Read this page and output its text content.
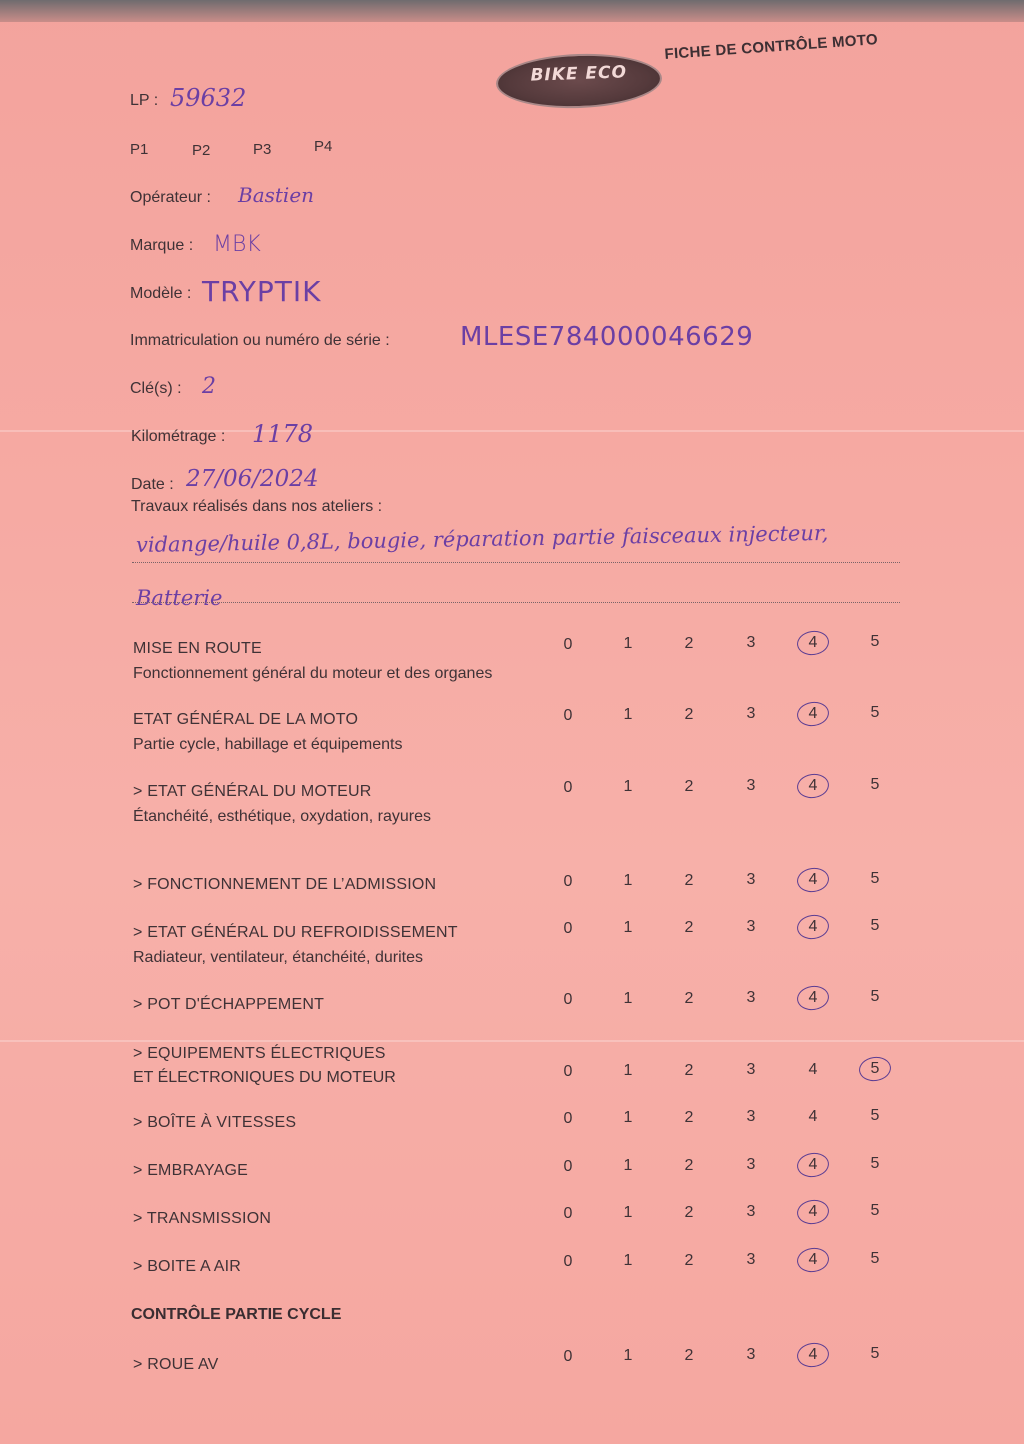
BIKE ECO
FICHE DE CONTRÔLE MOTO
LP : 59632
P1	P2	P3	P4
Opérateur : Bastien
Marque : MBK
Modèle : TRYPTIK
Immatriculation ou numéro de série :	MLESE784000046629
Clé(s) : 2
Kilométrage : 1178
Date : 27/06/2024
Travaux réalisés dans nos ateliers :
vidange/huile 0,8L, bougie, réparation partie faisceaux injecteur,
Batterie
MISE EN ROUTE
Fonctionnement général du moteur et des organes
0	1	2	3	4	5
ETAT GÉNÉRAL DE LA MOTO
Partie cycle, habillage et équipements
0	1	2	3	4	5
> ETAT GÉNÉRAL DU MOTEUR
Étanchéité, esthétique, oxydation, rayures
0	1	2	3	4	5
> FONCTIONNEMENT DE L’ADMISSION	0	1	2	3	4	5
> ETAT GÉNÉRAL DU REFROIDISSEMENT
Radiateur, ventilateur, étanchéité, durites
0	1	2	3	4	5
> POT D'ÉCHAPPEMENT	0	1	2	3	4	5
> EQUIPEMENTS ÉLECTRIQUES
ET ÉLECTRONIQUES DU MOTEUR	0	1	2	3	4	5
> BOÎTE À VITESSES	0	1	2	3	4	5
> EMBRAYAGE	0	1	2	3	4	5
> TRANSMISSION	0	1	2	3	4	5
> BOITE A AIR	0	1	2	3	4	5
> ROUE AV	0	1	2	3	4	5
CONTRÔLE PARTIE CYCLE
